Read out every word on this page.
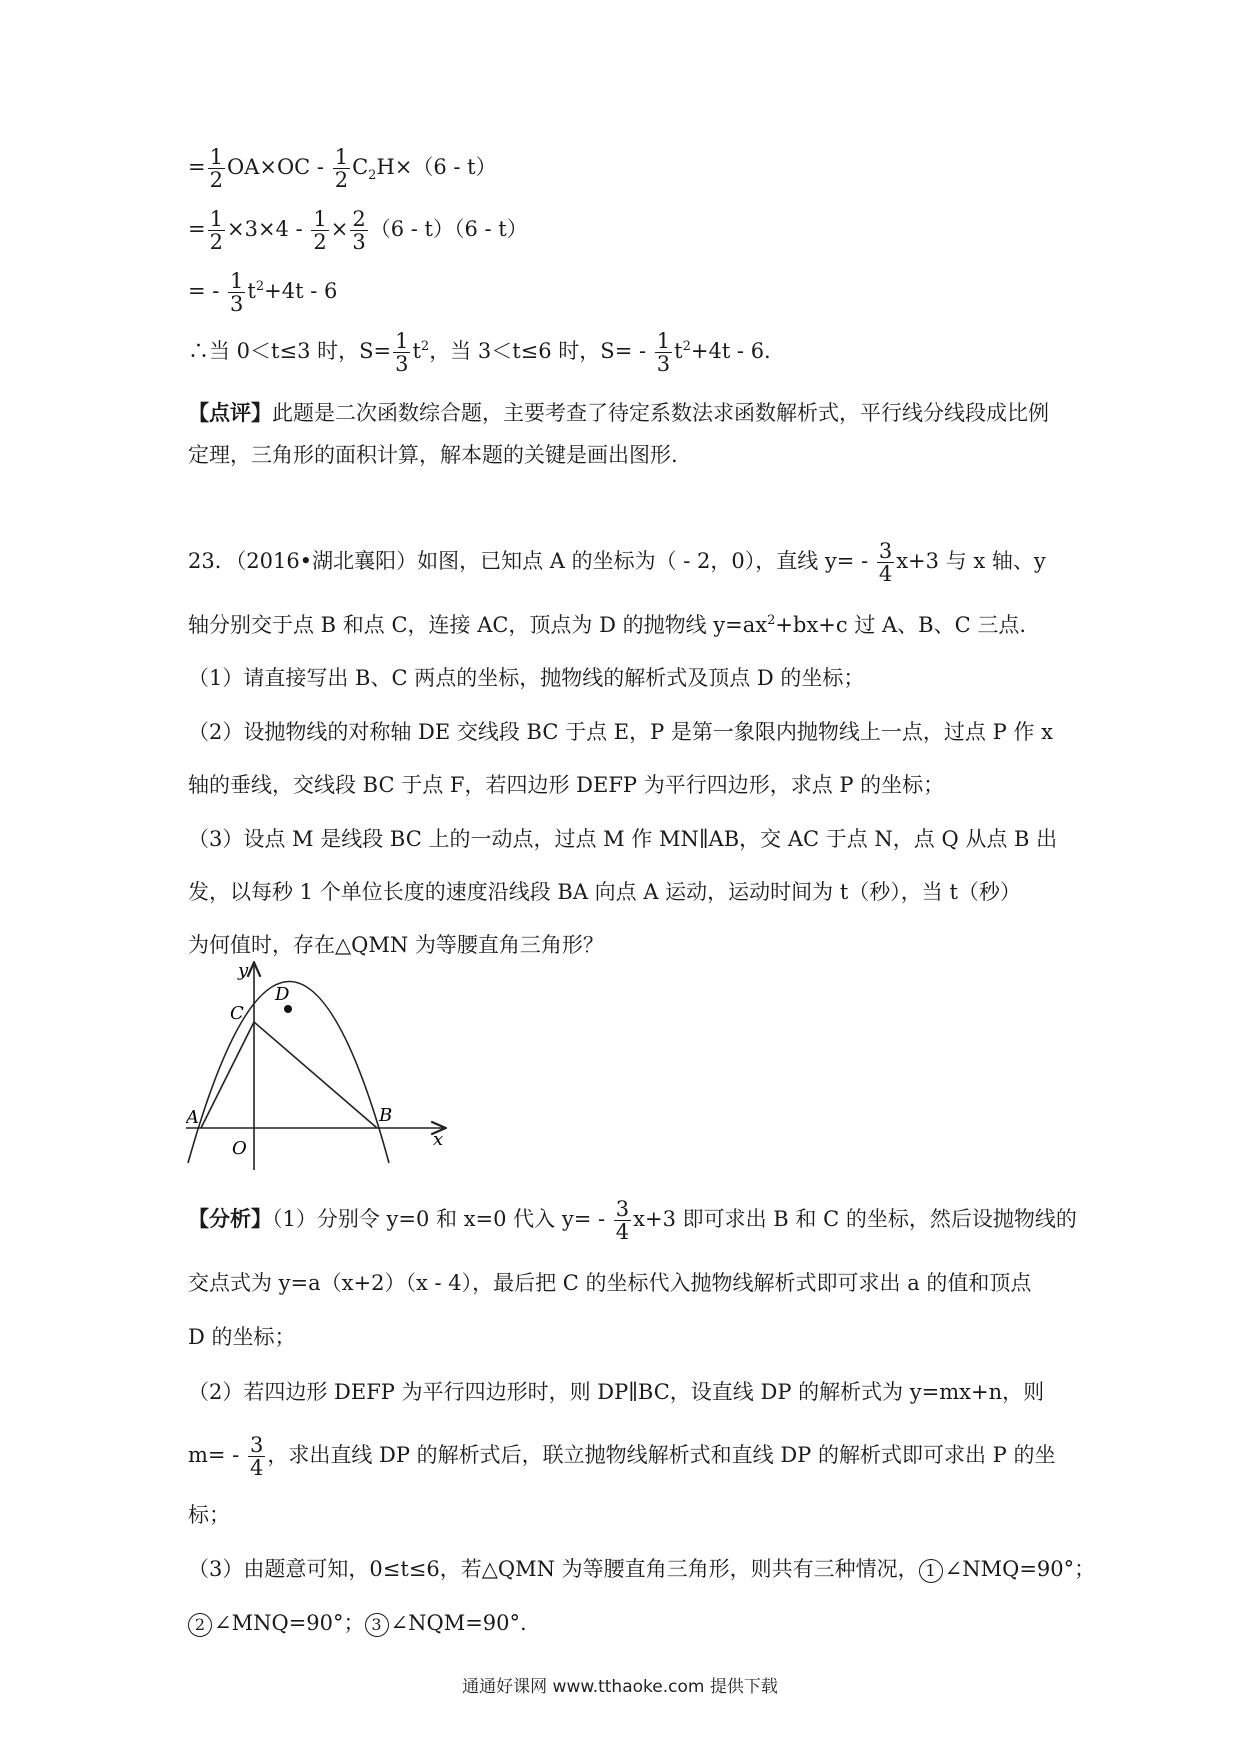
= $\frac{1}{2} OA\times OC - \frac{1}{2} C_2H\times(6 - t)$
= $\frac{1}{2} \times 3\times 4 - \frac{1}{2} \times \frac{2}{3} (6 - t)(6 - t)$
= - $\frac{1}{3} t^2+4t - 6$
∴当 0＜t≤3 时，$S= \frac{1}{3} t^2$，当 3＜t≤6 时，$S= - \frac{1}{3} t^2+4t - 6$.
【点评】此题是二次函数综合题，主要考查了待定系数法求函数解析式，平行线分线段成比例定理，三角形的面积计算，解本题的关键是画出图形.
23．（2016•湖北襄阳）如图，已知点 A 的坐标为（ - 2，0），直线 $y= - \frac{3}{4} x+3$ 与 x 轴、y
轴分别交于点 B 和点 C，连接 AC，顶点为 D 的抛物线 $y=ax^2+bx+c$ 过 A、B、C 三点.
（1）请直接写出 B、C 两点的坐标，抛物线的解析式及顶点 D 的坐标；
（2）设抛物线的对称轴 DE 交线段 BC 于点 E，P 是第一象限内抛物线上一点，过点 P 作 x
轴的垂线，交线段 BC 于点 F，若四边形 DEFP 为平行四边形，求点 P 的坐标；
（3）设点 M 是线段 BC 上的一动点，过点 M 作 MN∥AB，交 AC 于点 N，点 Q 从点 B 出
发，以每秒 1 个单位长度的速度沿线段 BA 向点 A 运动，运动时间为 t（秒），当 t（秒）
为何值时，存在△QMN 为等腰直角三角形？
y
x
D
C
A	B
O
【分析】（1）分别令 y=0 和 x=0 代入 $y= - \frac{3}{4} x+3$ 即可求出 B 和 C 的坐标，然后设抛物线的
交点式为 y=a（x+2）（x - 4），最后把 C 的坐标代入抛物线解析式即可求出 a 的值和顶点
D 的坐标；
（2）若四边形 DEFP 为平行四边形时，则 DP∥BC，设直线 DP 的解析式为 y=mx+n，则
$m= - \frac{3}{4}$ ，求出直线 DP 的解析式后，联立抛物线解析式和直线 DP 的解析式即可求出 P 的坐
标；
（3）由题意可知，0≤t≤6，若△QMN 为等腰直角三角形，则共有三种情况， 1 ∠NMQ=90°；
2 ∠MNQ=90°； 3 ∠NQM=90°.
通通好课网 www.tthaoke.com 提供下载
